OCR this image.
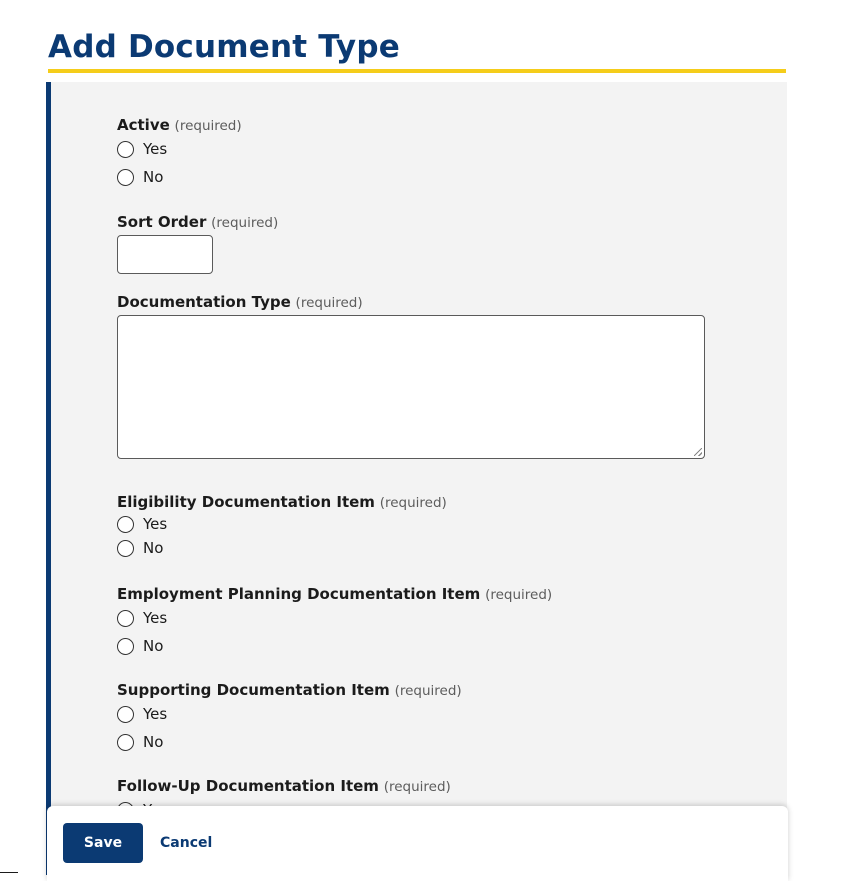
Add Document Type
Active (required)
Yes
No
Sort Order (required)
Documentation Type (required)
Eligibility Documentation Item (required)
Yes
No
Employment Planning Documentation Item (required)
Yes
No
Supporting Documentation Item (required)
Yes
No
Follow-Up Documentation Item (required)
Save	Cancel
